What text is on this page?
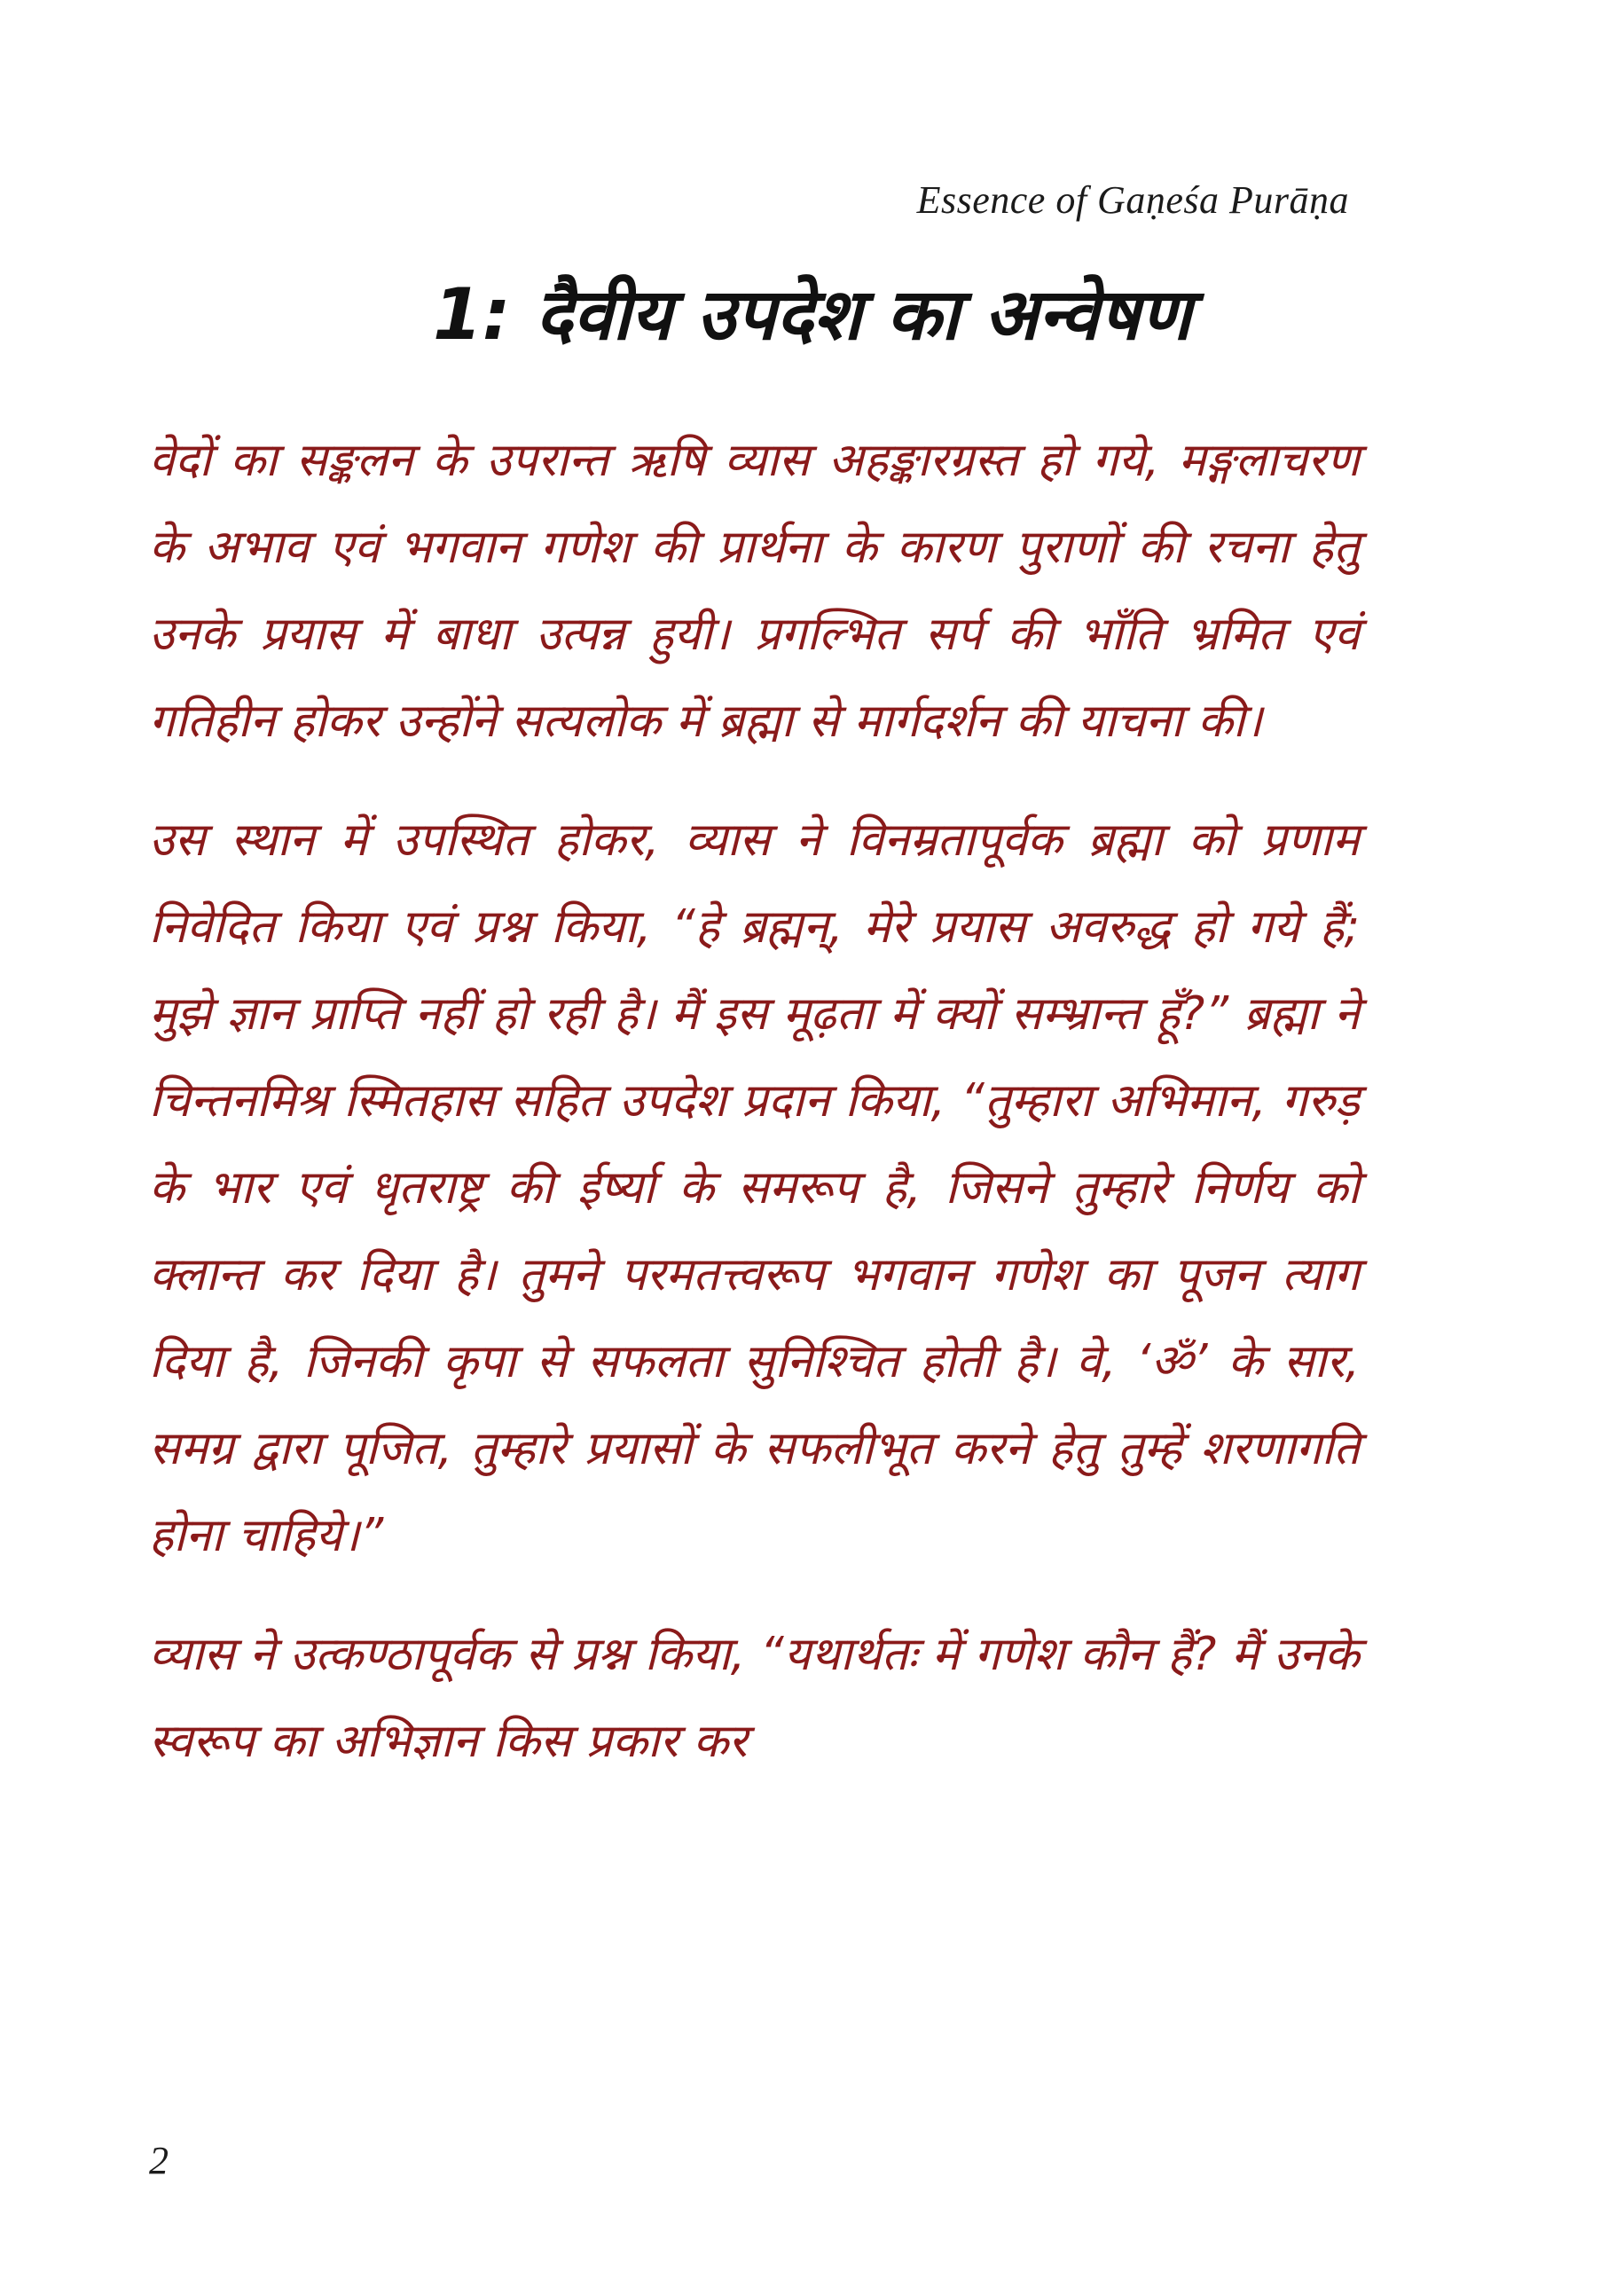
Essence of Gaṇeśa Purāṇa
1: दैवीय उपदेश का अन्वेषण

वेदों का सङ्कलन के उपरान्त ऋषि व्यास अहङ्कारग्रस्त हो गये, मङ्गलाचरण के अभाव एवं भगवान गणेश की प्रार्थना के कारण पुराणों की रचना हेतु उनके प्रयास में बाधा उत्पन्न हुयी। प्रगल्भित सर्प की भाँति भ्रमित एवं गतिहीन होकर उन्होंने सत्यलोक में ब्रह्मा से मार्गदर्शन की याचना की।

उस स्थान में उपस्थित होकर, व्यास ने विनम्रतापूर्वक ब्रह्मा को प्रणाम निवेदित किया एवं प्रश्न किया, “हे ब्रह्मन्, मेरे प्रयास अवरुद्ध हो गये हैं; मुझे ज्ञान प्राप्ति नहीं हो रही है। मैं इस मूढ़ता में क्यों सम्भ्रान्त हूँ?” ब्रह्मा ने चिन्तनमिश्र स्मितहास सहित उपदेश प्रदान किया, “तुम्हारा अभिमान, गरुड़ के भार एवं धृतराष्ट्र की ईर्ष्या के समरूप है, जिसने तुम्हारे निर्णय को क्लान्त कर दिया है। तुमने परमतत्त्वरूप भगवान गणेश का पूजन त्याग दिया है, जिनकी कृपा से सफलता सुनिश्चित होती है। वे, ‘ॐ’ के सार, समग्र द्वारा पूजित, तुम्हारे प्रयासों के सफलीभूत करने हेतु तुम्हें शरणागति होना चाहिये।”

व्यास ने उत्कण्ठापूर्वक से प्रश्न किया, “यथार्थतः में गणेश कौन हैं? मैं उनके स्वरूप का अभिज्ञान किस प्रकार कर

2
